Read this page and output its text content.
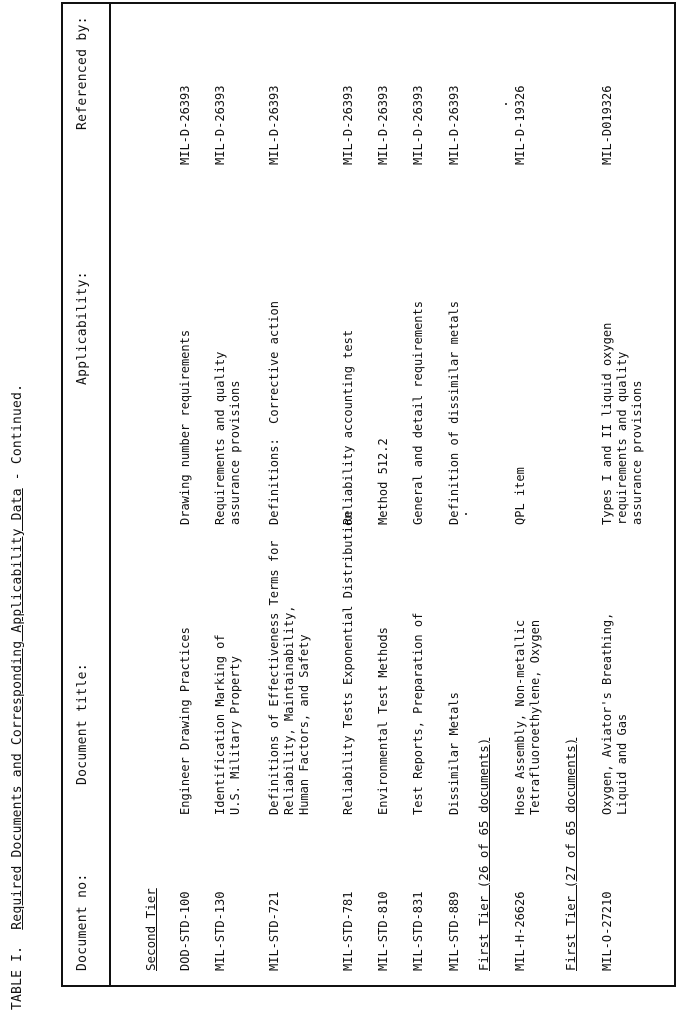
TABLE I.  Required Documents and Corresponding Applicability Data - Continued.
Document no:
Document title:
Applicability:
Referenced by:
Second Tier DOD-STD-100
Engineer Drawing Practices
Drawing number requirements
MIL-D-26393
MIL-STD-130
Identification Marking of
U.S. Military Property
Requirements and quality
assurance provisions
MIL-D-26393
MIL-STD-721
Definitions of Effectiveness Terms for
Reliability, Maintainability,
Human Factors, and Safety
Definitions:  Corrective action
MIL-D-26393
MIL-STD-781
Reliability Tests Exponential Distribution
Reliability accounting test
MIL-D-26393
MIL-STD-810
Environmental Test Methods
Method 512.2
MIL-D-26393
MIL-STD-831
Test Reports, Preparation of
General and detail requirements
MIL-D-26393
MIL-STD-889
Dissimilar Metals
Definition of dissimilar metals
MIL-D-26393
First Tier (26 of 65 documents) MIL-H-26626
Hose Assembly, Non-metallic
Tetrafluoroethylene, Oxygen
QPL item
MIL-D-19326
First Tier (27 of 65 documents) MIL-O-27210
Oxygen, Aviator's Breathing,
Liquid and Gas
Types I and II liquid oxygen
requirements and quality
assurance provisions
MIL-D019326
